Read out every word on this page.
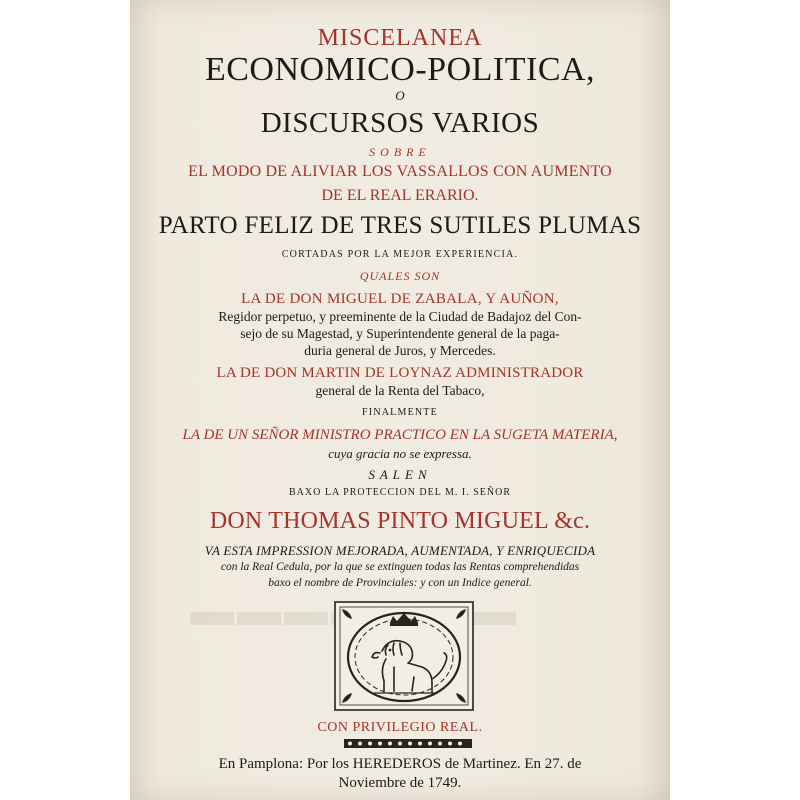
MISCELANEA
ECONOMICO-POLITICA,
O
DISCURSOS VARIOS
SOBRE
EL MODO DE ALIVIAR LOS VASSALLOS CON AUMENTO
DE EL REAL ERARIO.
PARTO FELIZ DE TRES SUTILES PLUMAS
CORTADAS POR LA MEJOR EXPERIENCIA.
QUALES SON
LA DE DON MIGUEL DE ZABALA, Y AUÑON,
Regidor perpetuo, y preeminente de la Ciudad de Badajoz del Con-
sejo de su Magestad, y Superintendente general de la paga-
duria general de Juros, y Mercedes.
LA DE DON MARTIN DE LOYNAZ ADMINISTRADOR
general de la Renta del Tabaco,
FINALMENTE
LA DE UN SEÑOR MINISTRO PRACTICO EN LA SUGETA MATERIA,
cuya gracia no se expressa.
SALEN
BAXO LA PROTECCION DEL M. I. SEÑOR
DON THOMAS PINTO MIGUEL &c.
VA ESTA IMPRESSION MEJORADA, AUMENTADA, Y ENRIQUECIDA
con la Real Cedula, por la que se extinguen todas las Rentas comprehendidas
baxo el nombre de Provinciales: y con un Indice general.
CON PRIVILEGIO REAL.
En Pamplona: Por los HEREDEROS de Martinez. En 27. de
Noviembre de 1749.
